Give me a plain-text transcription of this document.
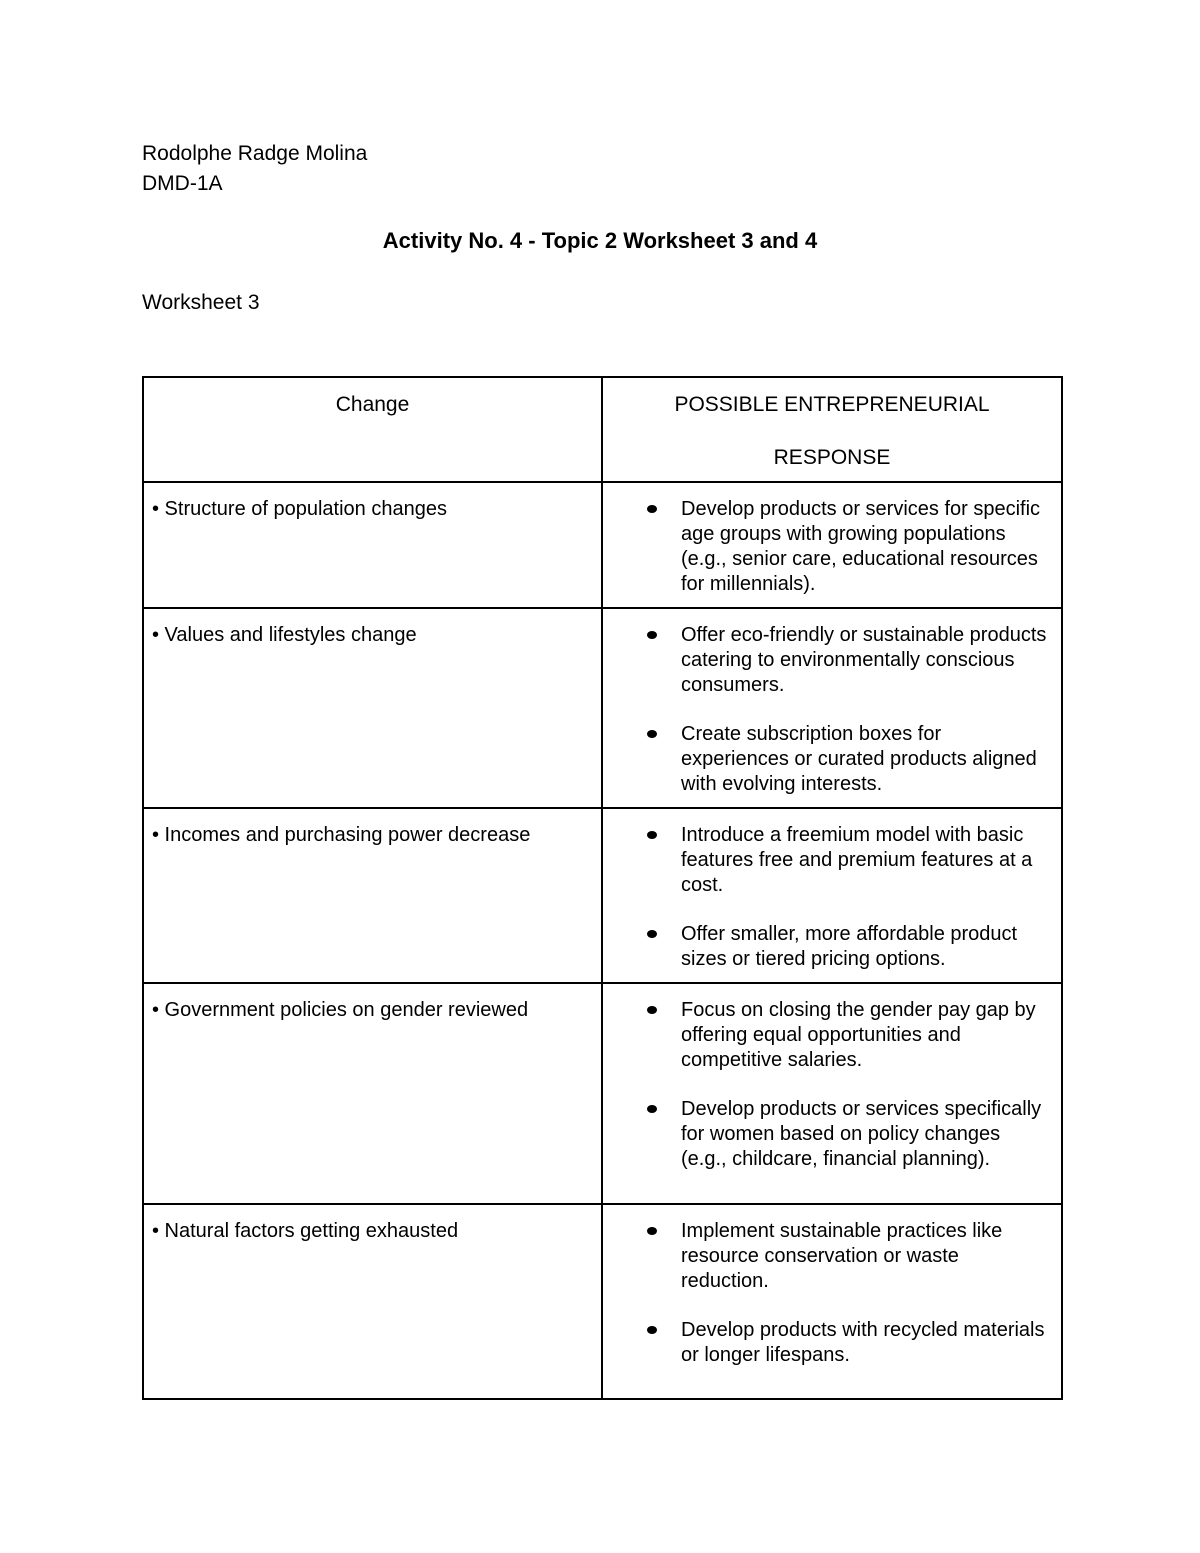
Rodolphe Radge Molina
DMD-1A
Activity No. 4 - Topic 2 Worksheet 3 and 4
Worksheet 3
Change	POSSIBLE ENTREPRENEURIAL
RESPONSE

• Structure of population changes	Develop products or services for specific age groups with growing populations (e.g., senior care, educational resources for millennials).

• Values and lifestyles change	Offer eco-friendly or sustainable products catering to environmentally conscious consumers.
Create subscription boxes for experiences or curated products aligned with evolving interests.

• Incomes and purchasing power decrease	Introduce a freemium model with basic features free and premium features at a cost.
Offer smaller, more affordable product sizes or tiered pricing options.

• Government policies on gender reviewed	Focus on closing the gender pay gap by offering equal opportunities and competitive salaries.
Develop products or services specifically for women based on policy changes (e.g., childcare, financial planning).

• Natural factors getting exhausted	Implement sustainable practices like resource conservation or waste reduction.
Develop products with recycled materials or longer lifespans.
